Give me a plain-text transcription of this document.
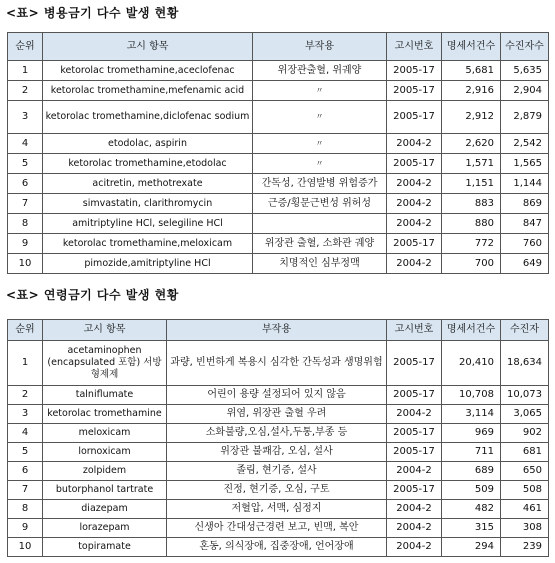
<표> 병용금기 다수 발생 현황
순위	고시 항목	부작용	고시번호	명세서건수	수진자수
1	ketorolac tromethamine,aceclofenac	위장관출혈, 위궤양	2005-17	5,681	5,635
2	ketorolac tromethamine,mefenamic acid	〃	2005-17	2,916	2,904
3	ketorolac tromethamine,diclofenac sodium	〃	2005-17	2,912	2,879
4	etodolac, aspirin	〃	2004-2	2,620	2,542
5	ketorolac tromethamine,etodolac	〃	2005-17	1,571	1,565
6	acitretin, methotrexate	간독성, 간염발병 위험증가	2004-2	1,151	1,144
7	simvastatin, clarithromycin	근증/횡문근변성 위허성	2004-2	883	869
8	amitriptyline HCl, selegiline HCl		2004-2	880	847
9	ketorolac tromethamine,meloxicam	위장관 출혈, 소화관 궤양	2005-17	772	760
10	pimozide,amitriptyline HCl	치명적인 심부정맥	2004-2	700	649
<표> 연령금기 다수 발생 현황
순위	고시 항목	부작용	고시번호	명세서건수	수진자
1	acetaminophen (encapsulated 포함) 서방형제제	과량, 빈번하게 복용시 심각한 간독성과 생명위험	2005-17	20,410	18,634
2	talniflumate	어린이 용량 설정되어 있지 않음	2005-17	10,708	10,073
3	ketorolac tromethamine	위염, 위장관 출혈 우려	2004-2	3,114	3,065
4	meloxicam	소화불량,오심,설사,두통,부종 등	2005-17	969	902
5	lornoxicam	위장관 불쾌감, 오심, 설사	2005-17	711	681
6	zolpidem	졸림, 현기증, 설사	2004-2	689	650
7	butorphanol tartrate	진정, 현기증, 오심, 구토	2005-17	509	508
8	diazepam	저혈압, 서맥, 심정지	2004-2	482	461
9	lorazepam	신생아 간대성근경련 보고, 빈맥, 복안	2004-2	315	308
10	topiramate	혼동, 의식장애, 집중장애, 언어장애	2004-2	294	239
